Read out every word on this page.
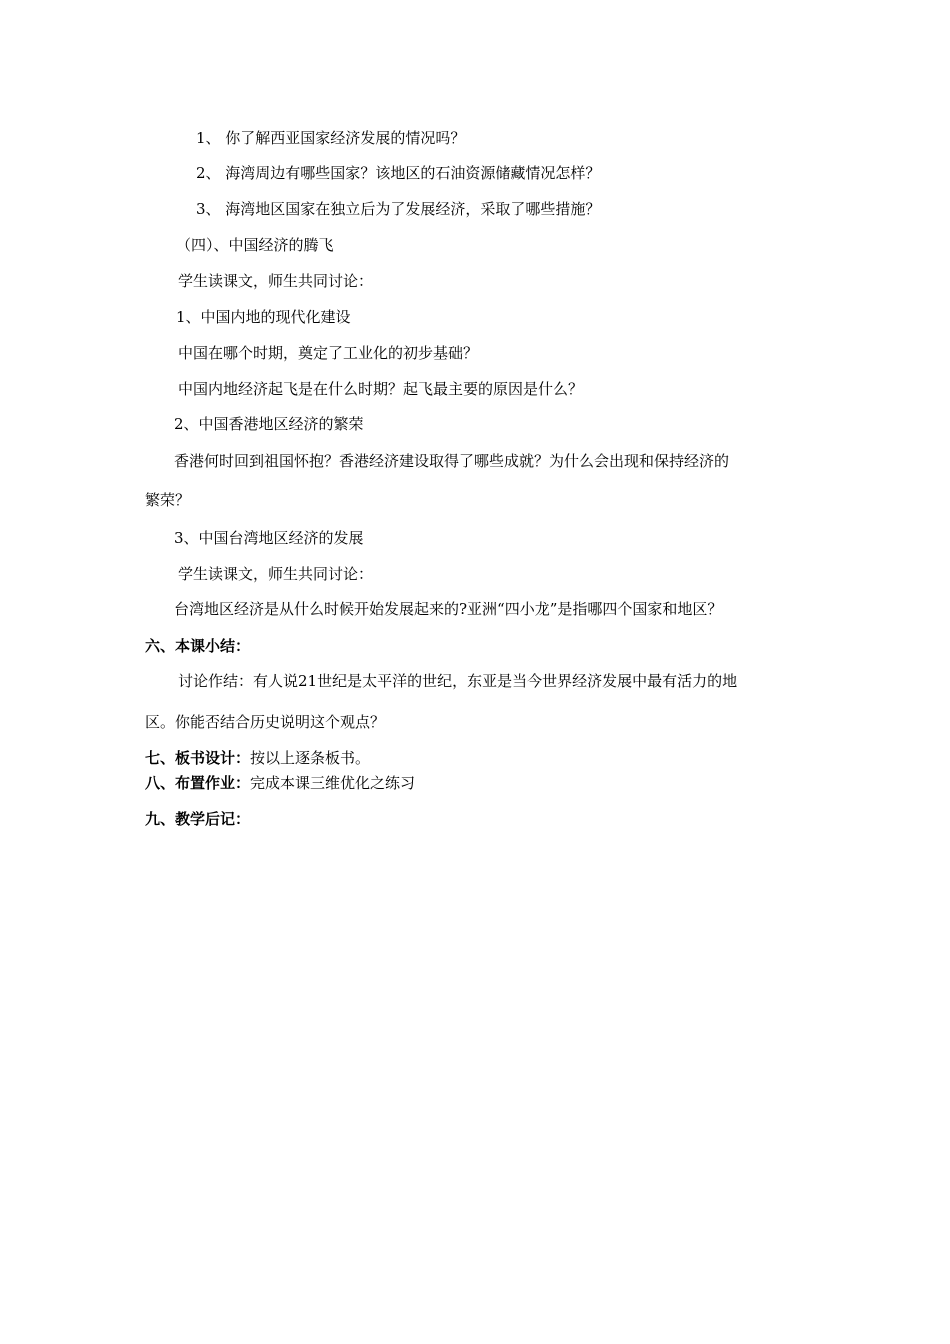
1、 你了解西亚国家经济发展的情况吗？
2、 海湾周边有哪些国家？该地区的石油资源储藏情况怎样？
3、 海湾地区国家在独立后为了发展经济，采取了哪些措施？
（四）、中国经济的腾飞
学生读课文，师生共同讨论：
1、中国内地的现代化建设
中国在哪个时期，奠定了工业化的初步基础？
中国内地经济起飞是在什么时期？起飞最主要的原因是什么？
2、中国香港地区经济的繁荣
香港何时回到祖国怀抱？香港经济建设取得了哪些成就？为什么会出现和保持经济的
繁荣？
3、中国台湾地区经济的发展
学生读课文，师生共同讨论：
台湾地区经济是从什么时候开始发展起来的?亚洲“四小龙”是指哪四个国家和地区？
六、本课小结：
讨论作结：有人说21世纪是太平洋的世纪，东亚是当今世界经济发展中最有活力的地
区。你能否结合历史说明这个观点？
七、板书设计：按以上逐条板书。
八、布置作业：完成本课三维优化之练习
九、教学后记：
